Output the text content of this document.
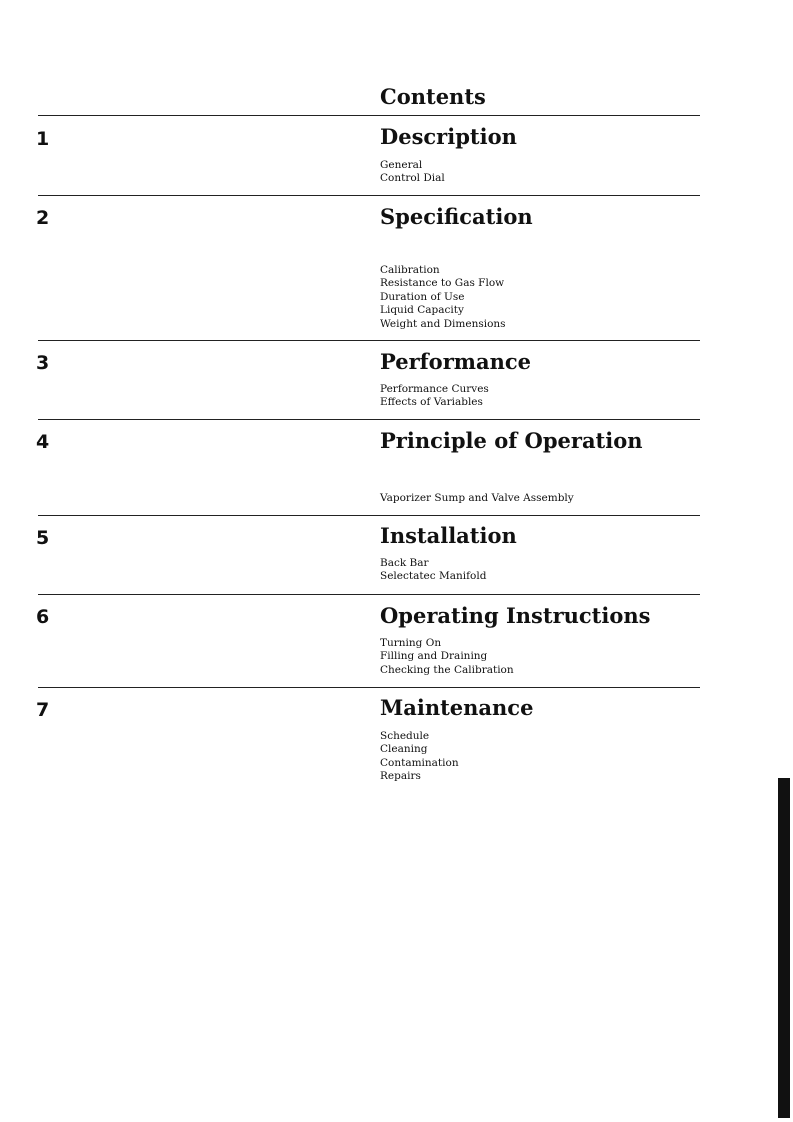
Contents
1	Description
General
Control Dial
2	Specification
Calibration
Resistance to Gas Flow
Duration of Use
Liquid Capacity
Weight and Dimensions
3	Performance
Performance Curves
Effects of Variables
4	Principle of Operation
Vaporizer Sump and Valve Assembly
5	Installation
Back Bar
Selectatec Manifold
6	Operating Instructions
Turning On
Filling and Draining
Checking the Calibration
7	Maintenance
Schedule
Cleaning
Contamination
Repairs
